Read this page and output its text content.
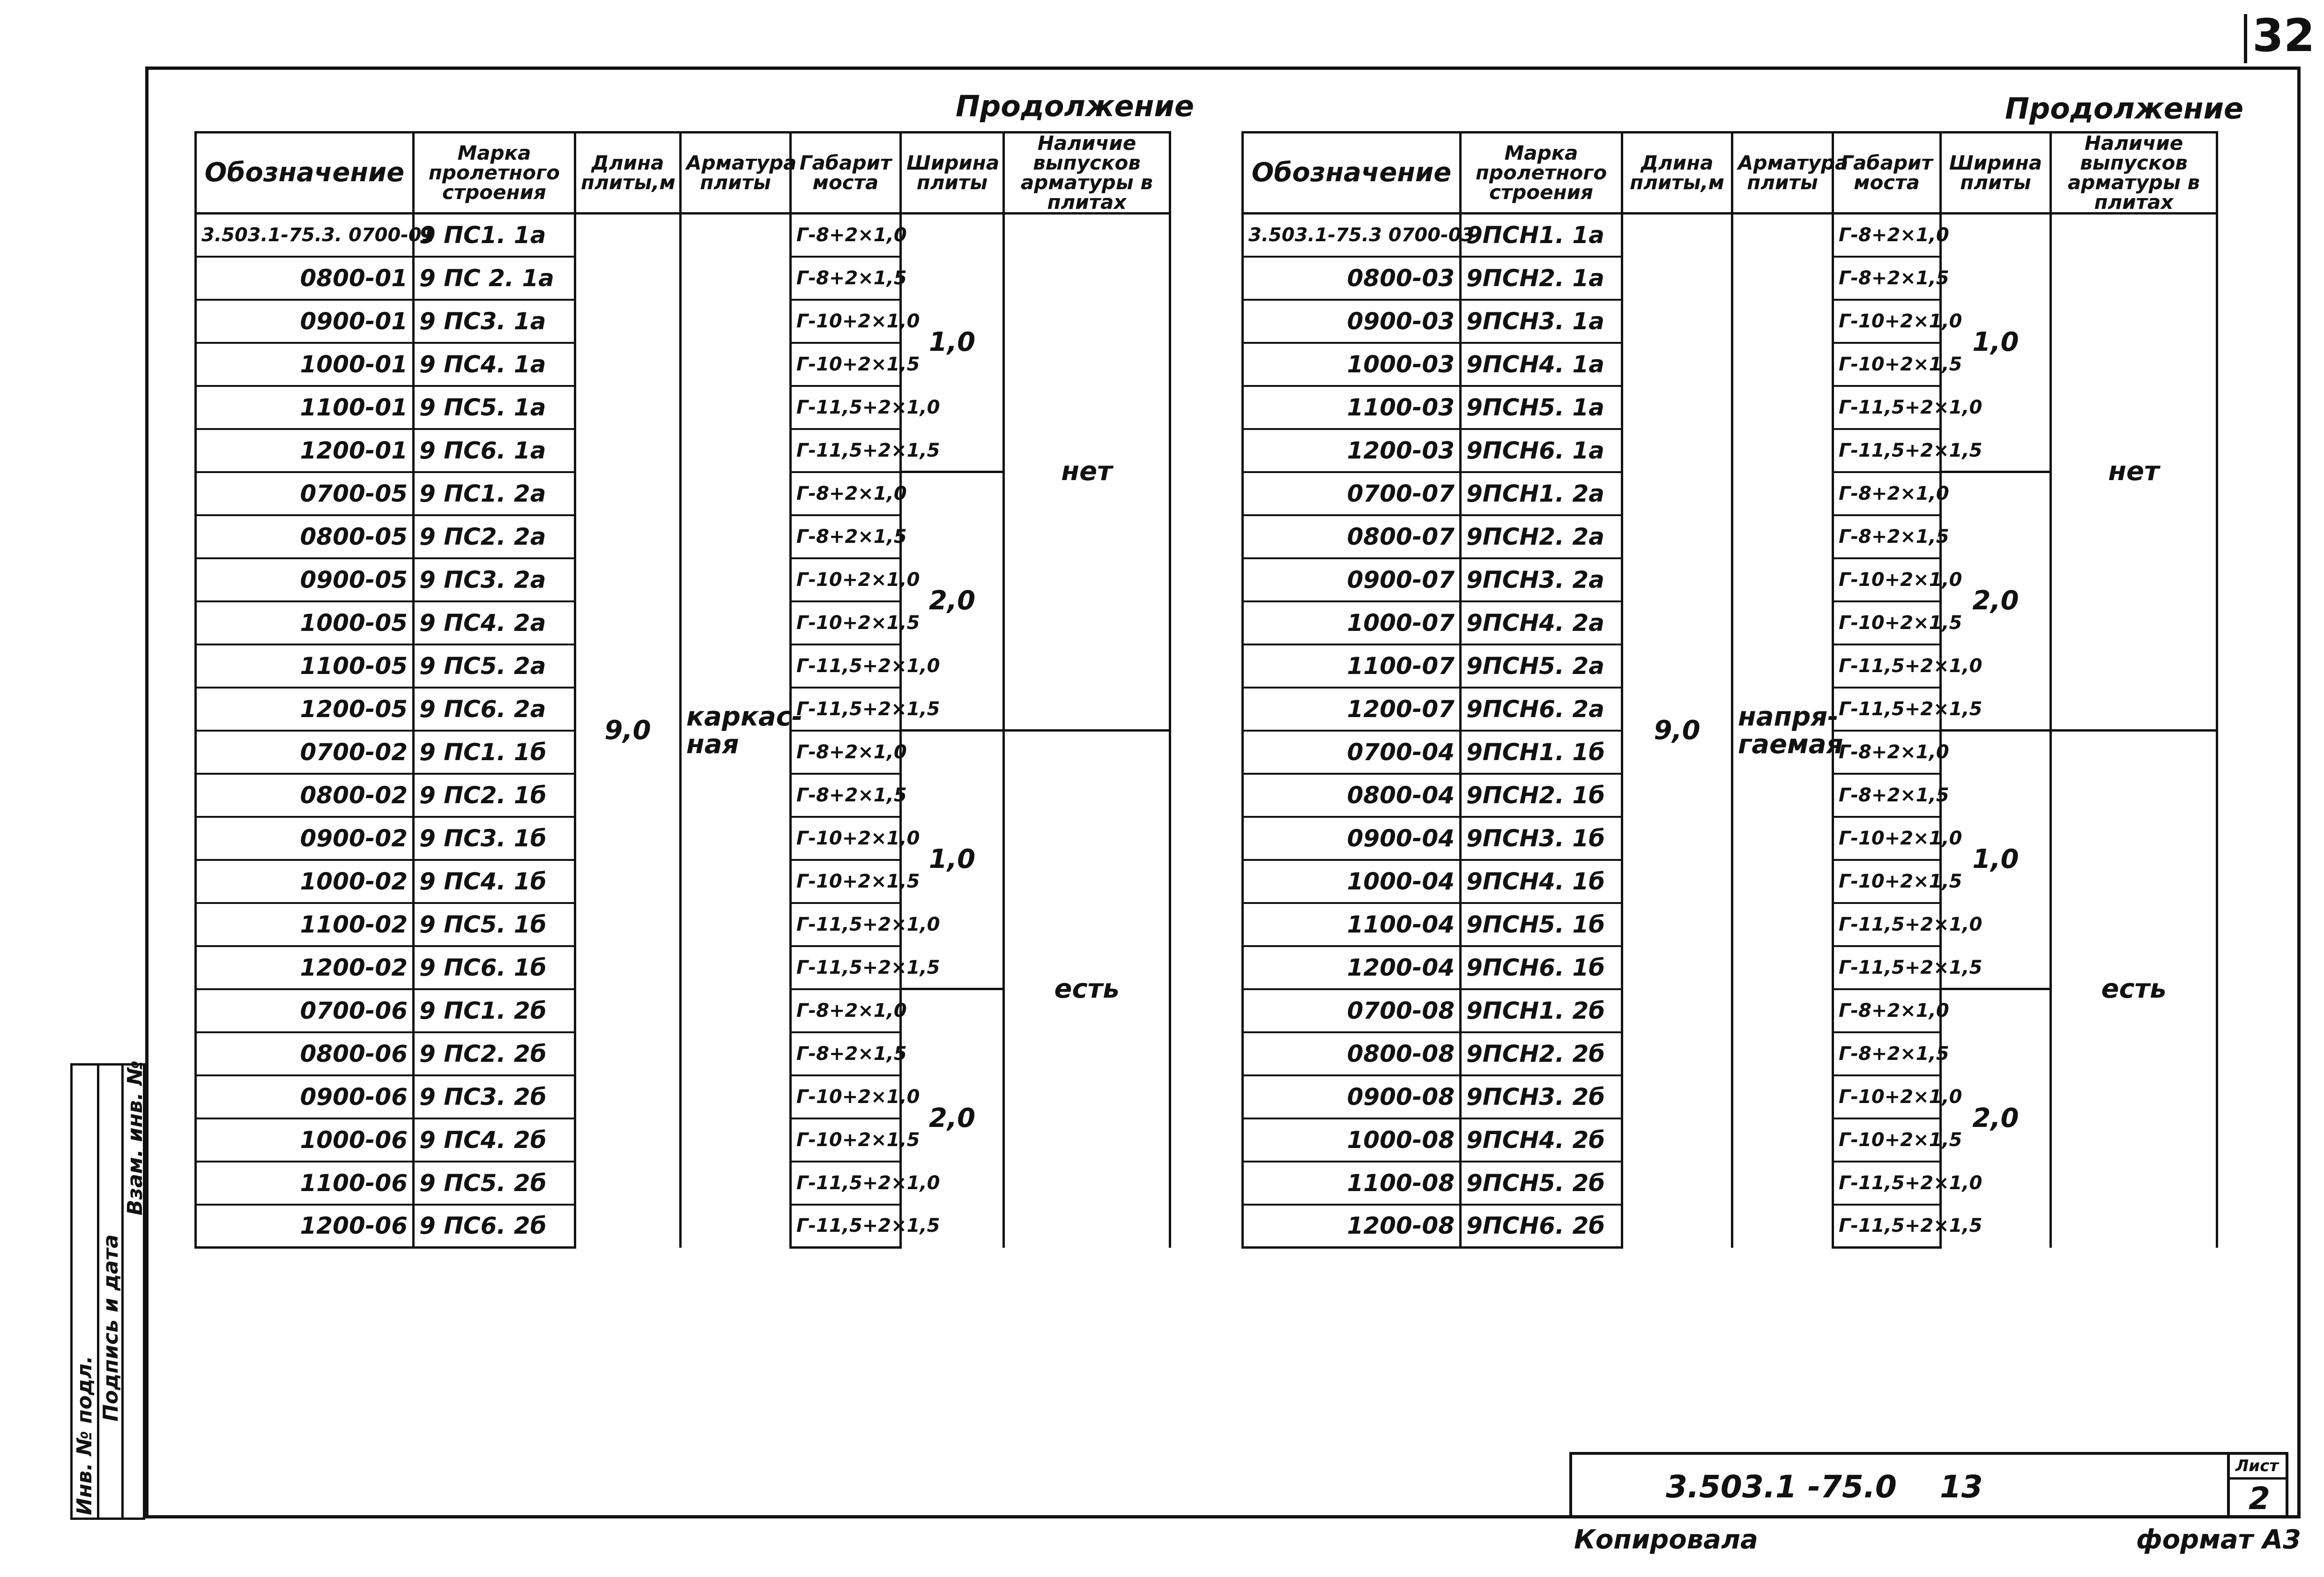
32
Продолжение	Продолжение
Обозначение	Марка пролетного строения	Длина плиты,м	Арматура плиты	Габарит моста	Ширина плиты	Наличие выпусков арматуры в плитах
3.503.1-75.3. 0700-01	9 ПС1. 1а	9,0	каркас-ная	Г-8+2×1,0	1,0	нет
0800-01	9 ПС 2. 1а			Г-8+2×1,5		
0900-01	9 ПС3. 1а			Г-10+2×1,0		
1000-01	9 ПС4. 1а			Г-10+2×1,5		
1100-01	9 ПС5. 1а			Г-11,5+2×1,0		
1200-01	9 ПС6. 1а			Г-11,5+2×1,5		
0700-05	9 ПС1. 2а			Г-8+2×1,0	2,0	
0800-05	9 ПС2. 2а			Г-8+2×1,5		
0900-05	9 ПС3. 2а			Г-10+2×1,0		
1000-05	9 ПС4. 2а			Г-10+2×1,5		
1100-05	9 ПС5. 2а			Г-11,5+2×1,0		
1200-05	9 ПС6. 2а			Г-11,5+2×1,5		
0700-02	9 ПС1. 1б			Г-8+2×1,0	1,0	есть
0800-02	9 ПС2. 1б			Г-8+2×1,5		
0900-02	9 ПС3. 1б			Г-10+2×1,0		
1000-02	9 ПС4. 1б			Г-10+2×1,5		
1100-02	9 ПС5. 1б			Г-11,5+2×1,0		
1200-02	9 ПС6. 1б			Г-11,5+2×1,5		
0700-06	9 ПС1. 2б			Г-8+2×1,0	2,0	
0800-06	9 ПС2. 2б			Г-8+2×1,5		
0900-06	9 ПС3. 2б			Г-10+2×1,0		
1000-06	9 ПС4. 2б			Г-10+2×1,5		
1100-06	9 ПС5. 2б			Г-11,5+2×1,0		
1200-06	9 ПС6. 2б			Г-11,5+2×1,5		
Обозначение	Марка пролетного строения	Длина плиты,м	Арматура плиты	Габарит моста	Ширина плиты	Наличие выпусков арматуры в плитах
3.503.1-75.3 0700-03	9ПСН1. 1а	9,0	напря-гаемая	Г-8+2×1,0	1,0	нет
0800-03	9ПСН2. 1а			Г-8+2×1,5		
0900-03	9ПСН3. 1а			Г-10+2×1,0		
1000-03	9ПСН4. 1а			Г-10+2×1,5		
1100-03	9ПСН5. 1а			Г-11,5+2×1,0		
1200-03	9ПСН6. 1а			Г-11,5+2×1,5		
0700-07	9ПСН1. 2а			Г-8+2×1,0	2,0	
0800-07	9ПСН2. 2а			Г-8+2×1,5		
0900-07	9ПСН3. 2а			Г-10+2×1,0		
1000-07	9ПСН4. 2а			Г-10+2×1,5		
1100-07	9ПСН5. 2а			Г-11,5+2×1,0		
1200-07	9ПСН6. 2а			Г-11,5+2×1,5		
0700-04	9ПСН1. 1б			Г-8+2×1,0	1,0	есть
0800-04	9ПСН2. 1б			Г-8+2×1,5		
0900-04	9ПСН3. 1б			Г-10+2×1,0		
1000-04	9ПСН4. 1б			Г-10+2×1,5		
1100-04	9ПСН5. 1б			Г-11,5+2×1,0		
1200-04	9ПСН6. 1б			Г-11,5+2×1,5		
0700-08	9ПСН1. 2б			Г-8+2×1,0	2,0	
0800-08	9ПСН2. 2б			Г-8+2×1,5		
0900-08	9ПСН3. 2б			Г-10+2×1,0		
1000-08	9ПСН4. 2б			Г-10+2×1,5		
1100-08	9ПСН5. 2б			Г-11,5+2×1,0		
1200-08	9ПСН6. 2б			Г-11,5+2×1,5		
Инв. № подл.
Подпись и дата
Взам. инв. №
3.503.1 -75.0    13
Лист
2
Копировала	формат А3
